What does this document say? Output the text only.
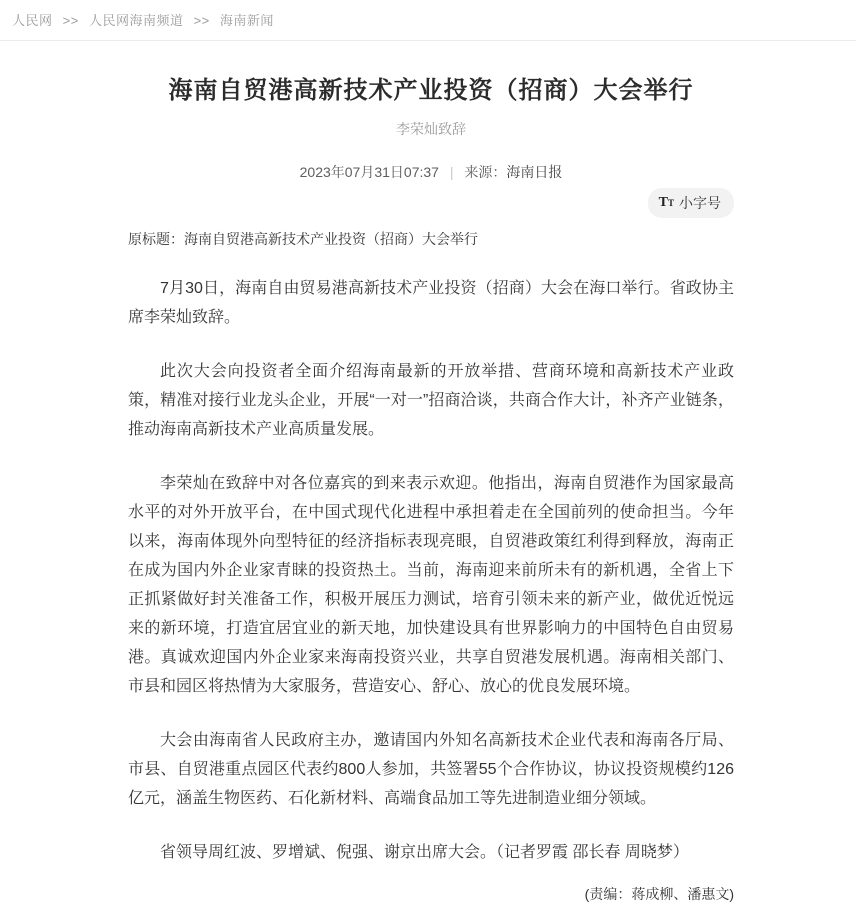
人民网 >> 人民网海南频道 >> 海南新闻
海南自贸港高新技术产业投资（招商）大会举行
李荣灿致辞
2023年07月31日07:37 | 来源：海南日报
T T 小字号

原标题：海南自贸港高新技术产业投资（招商）大会举行

7月30日，海南自由贸易港高新技术产业投资（招商）大会在海口举行。省政协主席李荣灿致辞。

此次大会向投资者全面介绍海南最新的开放举措、营商环境和高新技术产业政策，精准对接行业龙头企业，开展“一对一”招商洽谈，共商合作大计，补齐产业链条，推动海南高新技术产业高质量发展。

李荣灿在致辞中对各位嘉宾的到来表示欢迎。他指出，海南自贸港作为国家最高水平的对外开放平台，在中国式现代化进程中承担着走在全国前列的使命担当。今年以来，海南体现外向型特征的经济指标表现亮眼，自贸港政策红利得到释放，海南正在成为国内外企业家青睐的投资热土。当前，海南迎来前所未有的新机遇，全省上下正抓紧做好封关准备工作，积极开展压力测试，培育引领未来的新产业，做优近悦远来的新环境，打造宜居宜业的新天地，加快建设具有世界影响力的中国特色自由贸易港。真诚欢迎国内外企业家来海南投资兴业，共享自贸港发展机遇。海南相关部门、市县和园区将热情为大家服务，营造安心、舒心、放心的优良发展环境。

大会由海南省人民政府主办，邀请国内外知名高新技术企业代表和海南各厅局、市县、自贸港重点园区代表约800人参加，共签署55个合作协议，协议投资规模约126亿元，涵盖生物医药、石化新材料、高端食品加工等先进制造业细分领域。

省领导周红波、罗增斌、倪强、谢京出席大会。（记者罗霞 邵长春 周晓梦）

(责编：蒋成柳、潘惠文)
